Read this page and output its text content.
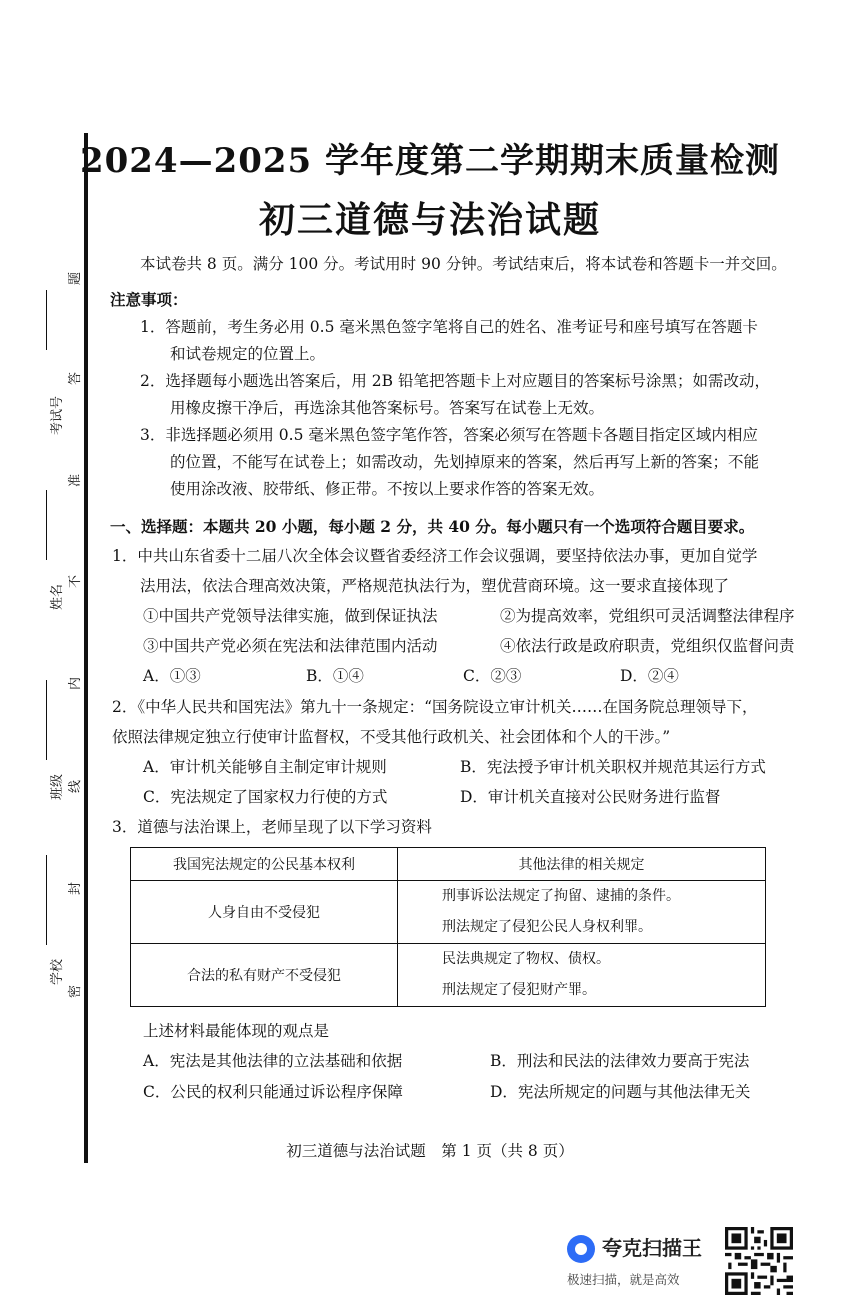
题
答
考试号
准
不
姓名
内
班级 线
封
学校
密
2024—2025 学年度第二学期期末质量检测
初三道德与法治试题
本试卷共 8 页。满分 100 分。考试用时 90 分钟。考试结束后，将本试卷和答题卡一并交回。
注意事项：
1．答题前，考生务必用 0.5 毫米黑色签字笔将自己的姓名、准考证号和座号填写在答题卡
和试卷规定的位置上。
2．选择题每小题选出答案后，用 2B 铅笔把答题卡上对应题目的答案标号涂黑；如需改动，
用橡皮擦干净后，再选涂其他答案标号。答案写在试卷上无效。
3．非选择题必须用 0.5 毫米黑色签字笔作答，答案必须写在答题卡各题目指定区域内相应
的位置，不能写在试卷上；如需改动，先划掉原来的答案，然后再写上新的答案；不能
使用涂改液、胶带纸、修正带。不按以上要求作答的答案无效。
一、选择题：本题共 20 小题，每小题 2 分，共 40 分。每小题只有一个选项符合题目要求。
1．中共山东省委十二届八次全体会议暨省委经济工作会议强调，要坚持依法办事，更加自觉学
法用法，依法合理高效决策，严格规范执法行为，塑优营商环境。这一要求直接体现了
①中国共产党领导法律实施，做到保证执法	②为提高效率，党组织可灵活调整法律程序
③中国共产党必须在宪法和法律范围内活动	④依法行政是政府职责，党组织仅监督问责
A．①③	B．①④	C．②③	D．②④
2．《中华人民共和国宪法》第九十一条规定：“国务院设立审计机关……在国务院总理领导下，
依照法律规定独立行使审计监督权，不受其他行政机关、社会团体和个人的干涉。”
A．审计机关能够自主制定审计规则	B．宪法授予审计机关职权并规范其运行方式
C．宪法规定了国家权力行使的方式	D．审计机关直接对公民财务进行监督
3．道德与法治课上，老师呈现了以下学习资料
我国宪法规定的公民基本权利	其他法律的相关规定
人身自由不受侵犯	刑事诉讼法规定了拘留、逮捕的条件。
刑法规定了侵犯公民人身权利罪。

合法的私有财产不受侵犯	民法典规定了物权、债权。
刑法规定了侵犯财产罪。
上述材料最能体现的观点是
A．宪法是其他法律的立法基础和依据	B．刑法和民法的法律效力要高于宪法
C．公民的权利只能通过诉讼程序保障	D．宪法所规定的问题与其他法律无关
初三道德与法治试题　第 1 页（共 8 页）
夸克扫描王
极速扫描，就是高效
